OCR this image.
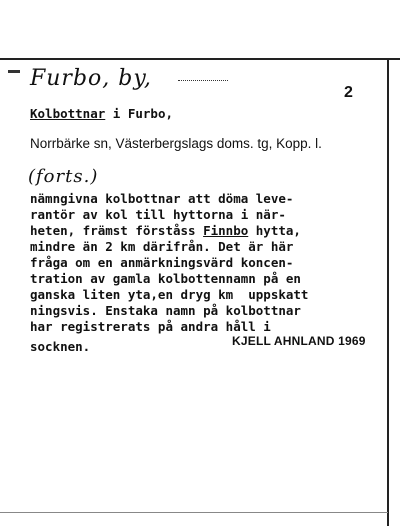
Furbo, by,
2
Kolbottnar i Furbo,
Norrbärke sn, Västerbergslags doms. tg, Kopp. l.
(forts.)
nämngivna kolbottnar att döma leve-
rantör av kol till hyttorna i när-
heten, främst förståss Finnbo hytta,
mindre än 2 km därifrån. Det är här
fråga om en anmärkningsvärd koncen-
tration av gamla kolbottennamn på en
ganska liten yta,en dryg km  uppskatt
ningsvis. Enstaka namn på kolbottnar
har registrerats på andra håll i
socknen.	KJELL AHNLAND 1969
